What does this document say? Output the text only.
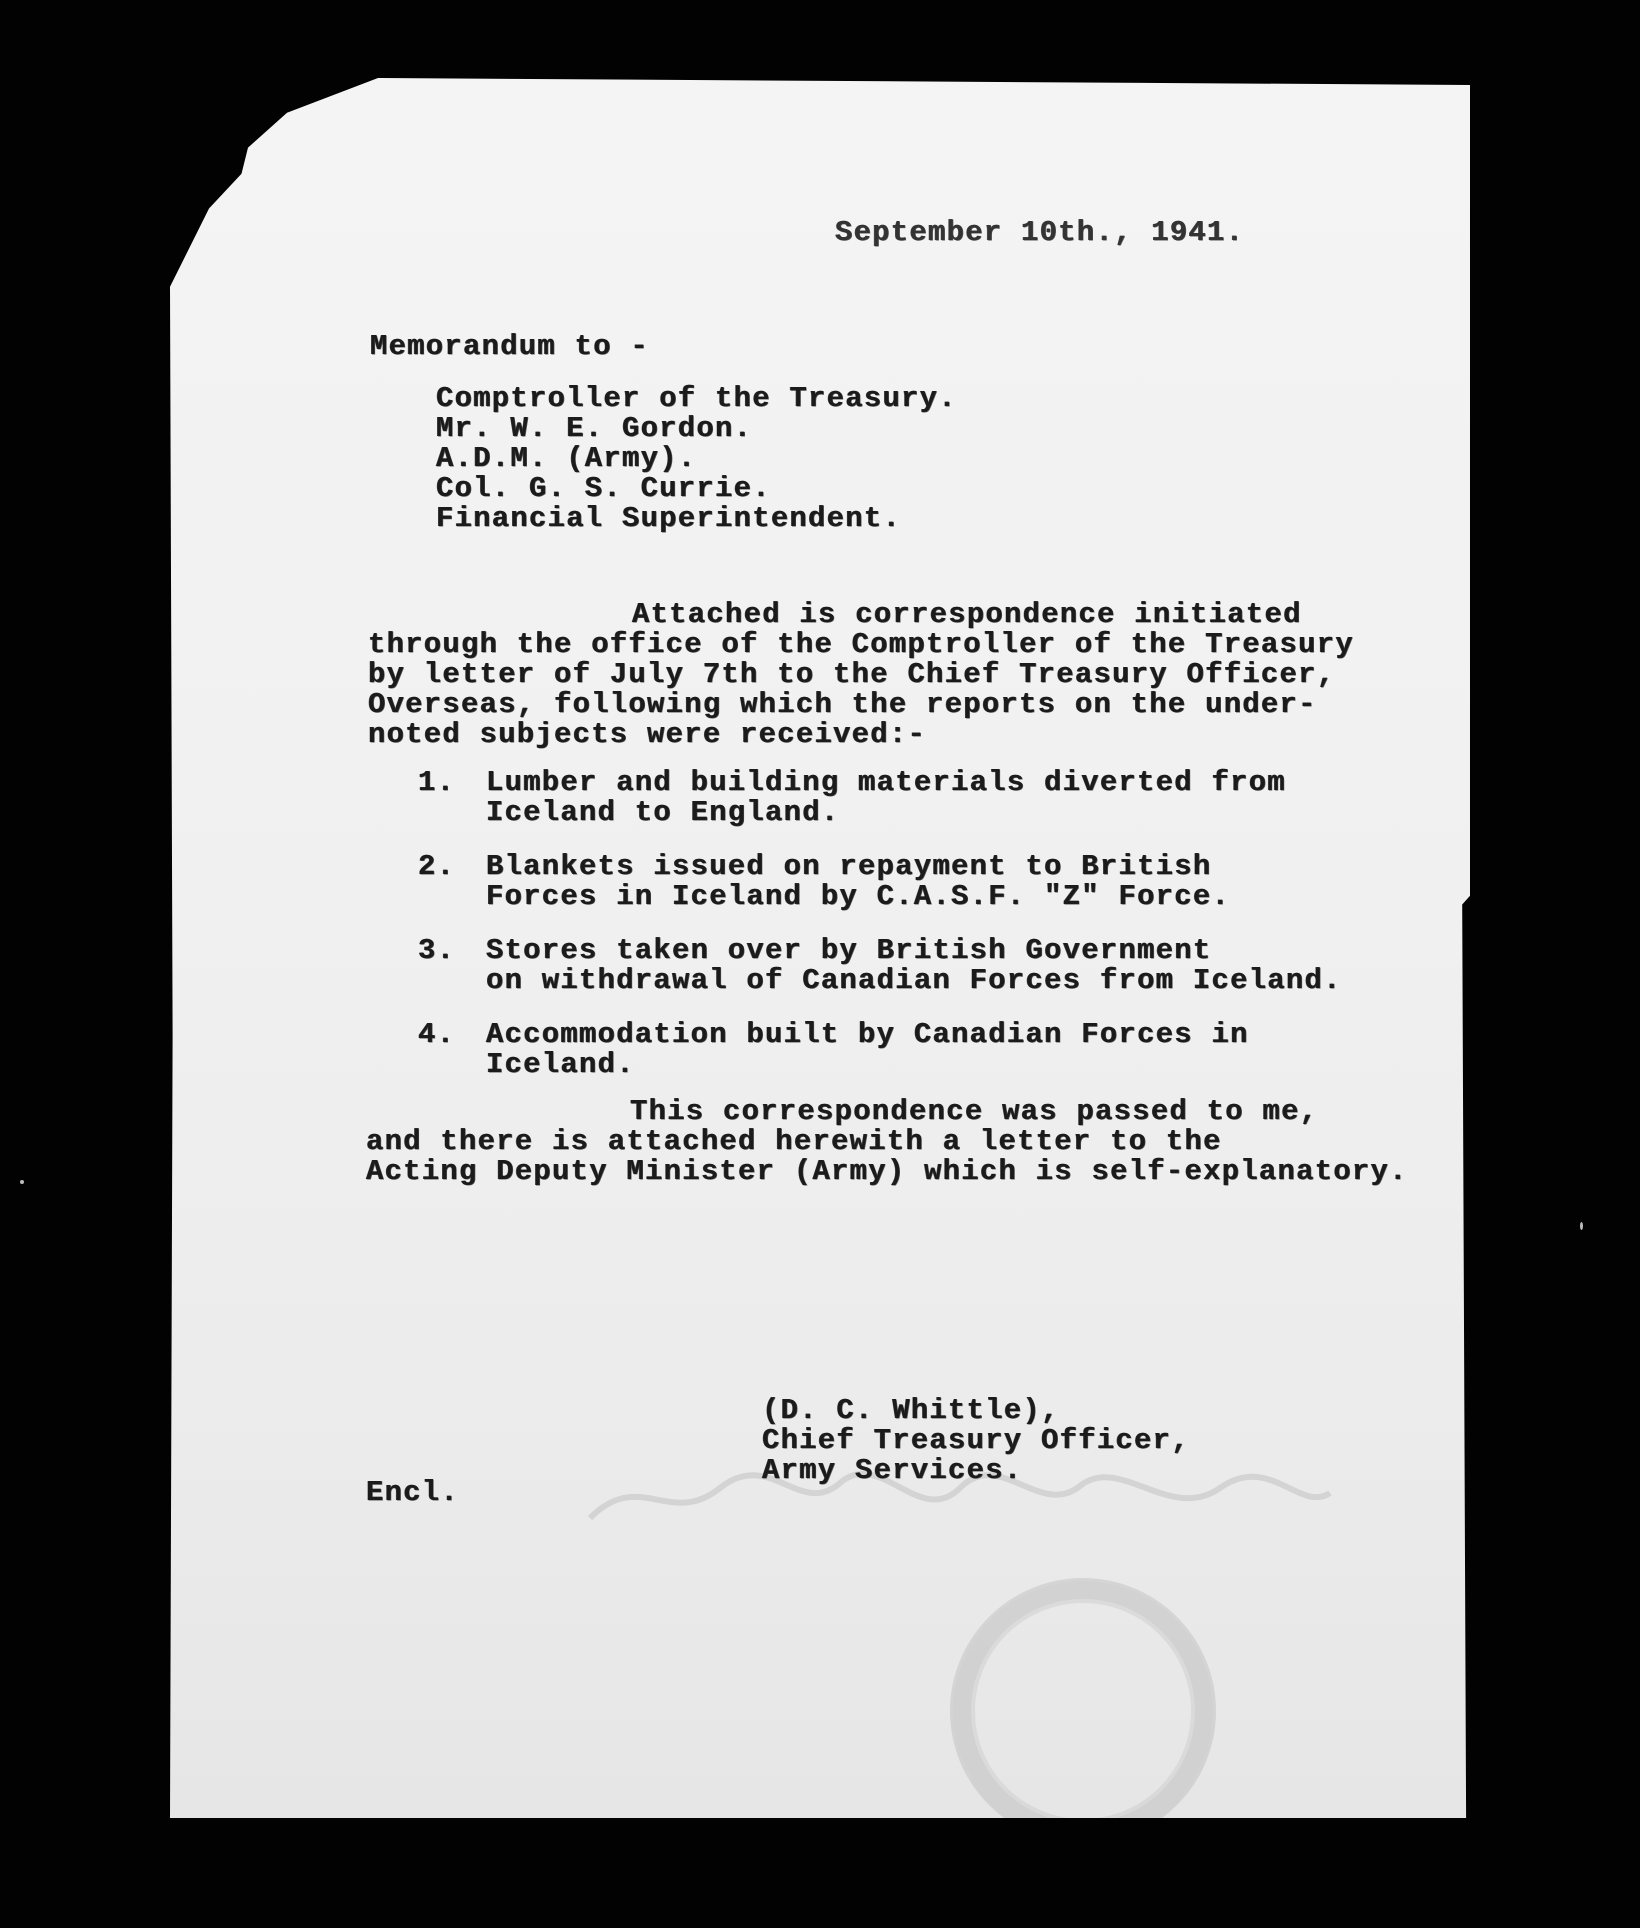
September 10th., 1941.
Memorandum to -
Comptroller of the Treasury.
Mr. W. E. Gordon.
A.D.M. (Army).
Col. G. S. Currie.
Financial Superintendent.
Attached is correspondence initiated
through the office of the Comptroller of the Treasury
by letter of July 7th to the Chief Treasury Officer,
Overseas, following which the reports on the under-
noted subjects were received:-
1.	Lumber and building materials diverted from
Iceland to England.
2.	Blankets issued on repayment to British
Forces in Iceland by C.A.S.F. "Z" Force.
3.	Stores taken over by British Government
on withdrawal of Canadian Forces from Iceland.
4.	Accommodation built by Canadian Forces in
Iceland.
This correspondence was passed to me,
and there is attached herewith a letter to the
Acting Deputy Minister (Army) which is self-explanatory.
(D. C. Whittle),
Chief Treasury Officer,
Army Services.
Encl.
